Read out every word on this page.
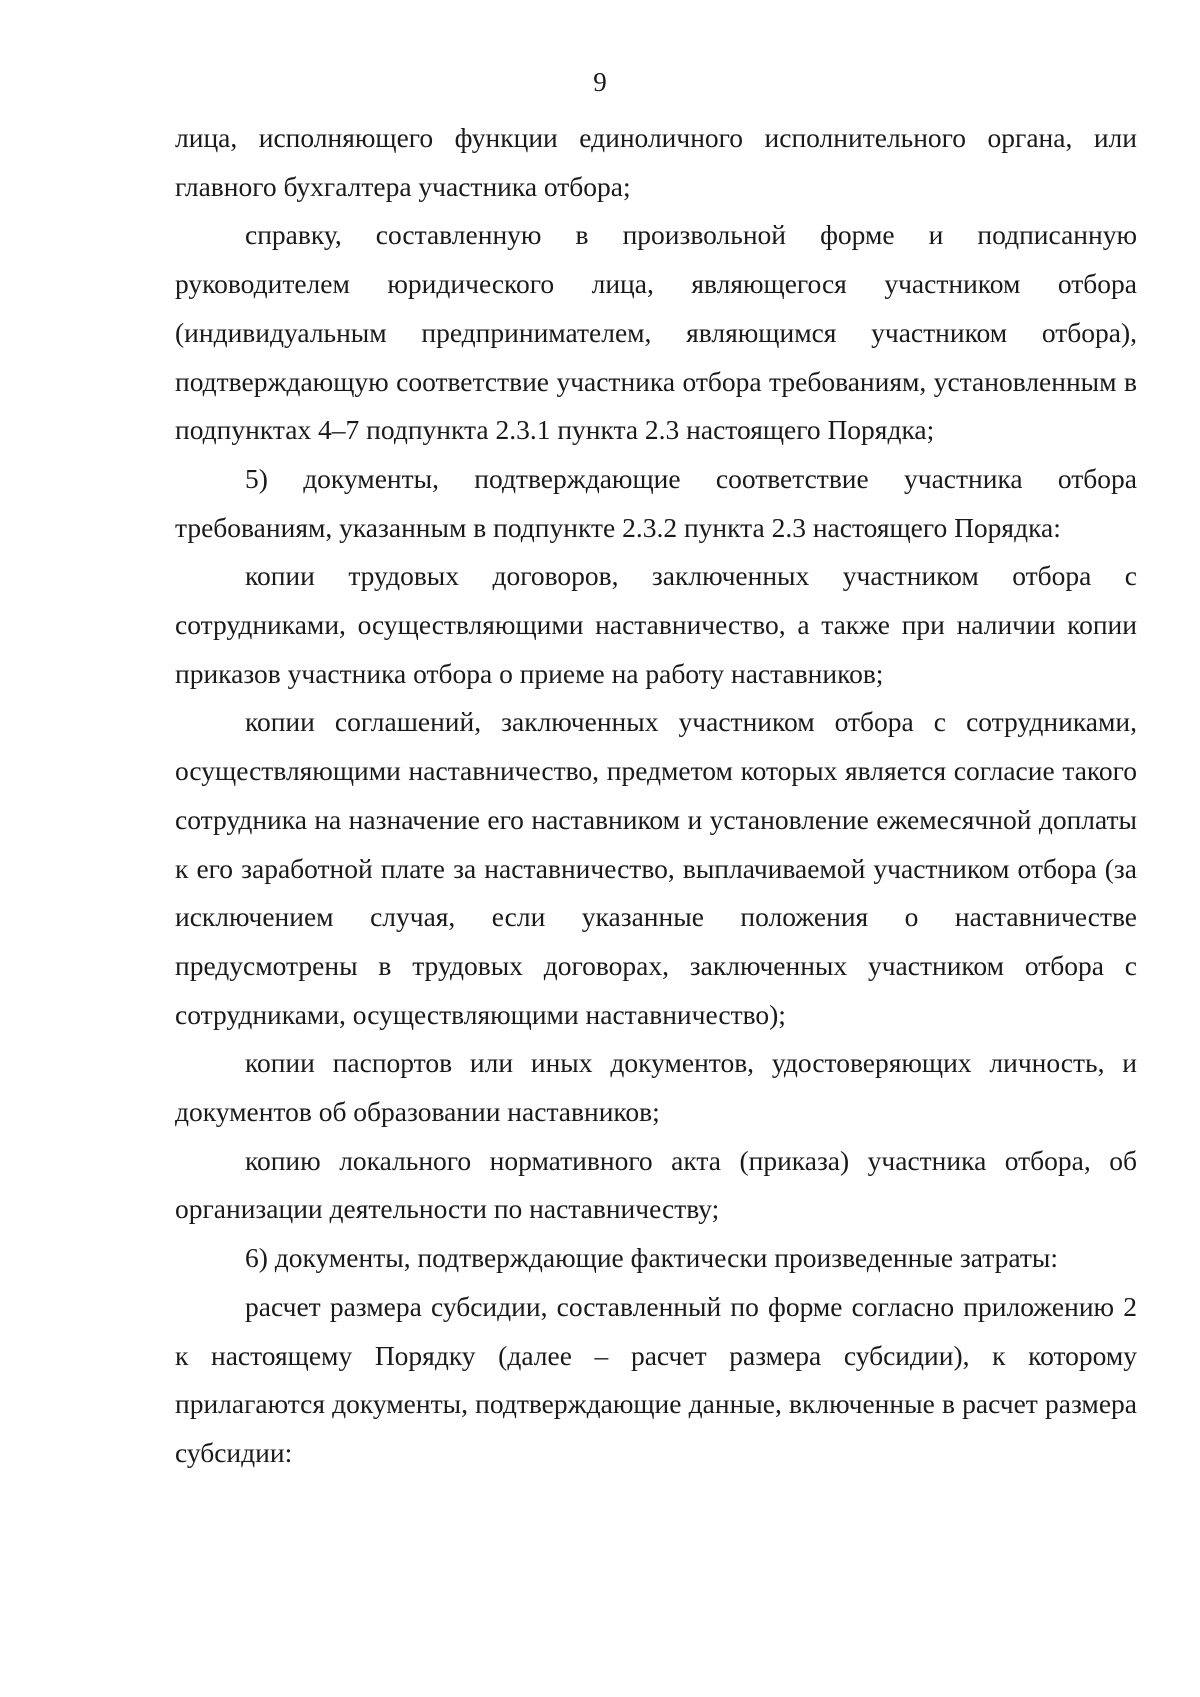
9

лица, исполняющего функции единоличного исполнительного органа, или главного бухгалтера участника отбора;

справку, составленную в произвольной форме и подписанную руководителем юридического лица, являющегося участником отбора (индивидуальным предпринимателем, являющимся участником отбора), подтверждающую соответствие участника отбора требованиям, установленным в подпунктах 4–7 подпункта 2.3.1 пункта 2.3 настоящего Порядка;

5) документы, подтверждающие соответствие участника отбора требованиям, указанным в подпункте 2.3.2 пункта 2.3 настоящего Порядка:

копии трудовых договоров, заключенных участником отбора с сотрудниками, осуществляющими наставничество, а также при наличии копии приказов участника отбора о приеме на работу наставников;

копии соглашений, заключенных участником отбора с сотрудниками, осуществляющими наставничество, предметом которых является согласие такого сотрудника на назначение его наставником и установление ежемесячной доплаты к его заработной плате за наставничество, выплачиваемой участником отбора (за исключением случая, если указанные положения о наставничестве предусмотрены в трудовых договорах, заключенных участником отбора с сотрудниками, осуществляющими наставничество);

копии паспортов или иных документов, удостоверяющих личность, и документов об образовании наставников;

копию локального нормативного акта (приказа) участника отбора, об организации деятельности по наставничеству;

6) документы, подтверждающие фактически произведенные затраты:

расчет размера субсидии, составленный по форме согласно приложению 2 к настоящему Порядку (далее – расчет размера субсидии), к которому прилагаются документы, подтверждающие данные, включенные в расчет размера субсидии:
